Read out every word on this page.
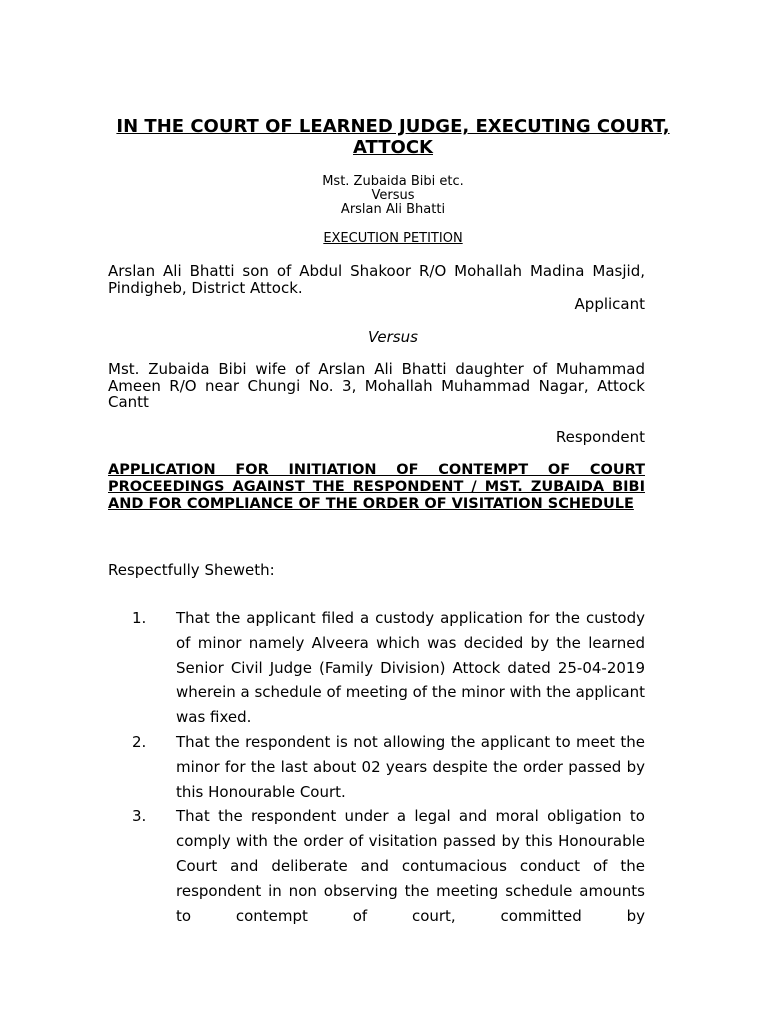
IN THE COURT OF LEARNED JUDGE, EXECUTING COURT, ATTOCK
Mst. Zubaida Bibi etc.
Versus
Arslan Ali Bhatti
EXECUTION PETITION
Arslan Ali Bhatti son of Abdul Shakoor R/O Mohallah Madina Masjid, Pindigheb, District Attock.
Applicant
Versus
Mst. Zubaida Bibi wife of Arslan Ali Bhatti daughter of Muhammad Ameen R/O near Chungi No. 3, Mohallah Muhammad Nagar, Attock Cantt
Respondent
APPLICATION FOR INITIATION OF CONTEMPT OF COURT PROCEEDINGS AGAINST THE RESPONDENT / MST. ZUBAIDA BIBI AND FOR COMPLIANCE OF THE ORDER OF VISITATION SCHEDULE
Respectfully Sheweth:
1. That the applicant filed a custody application for the custody of minor namely Alveera which was decided by the learned Senior Civil Judge (Family Division) Attock dated 25-04-2019 wherein a schedule of meeting of the minor with the applicant was fixed.
2. That the respondent is not allowing the applicant to meet the minor for the last about 02 years despite the order passed by this Honourable Court.
3. That the respondent under a legal and moral obligation to comply with the order of visitation passed by this Honourable Court and deliberate and contumacious conduct of the respondent in non observing the meeting schedule amounts to contempt of court, committed by
